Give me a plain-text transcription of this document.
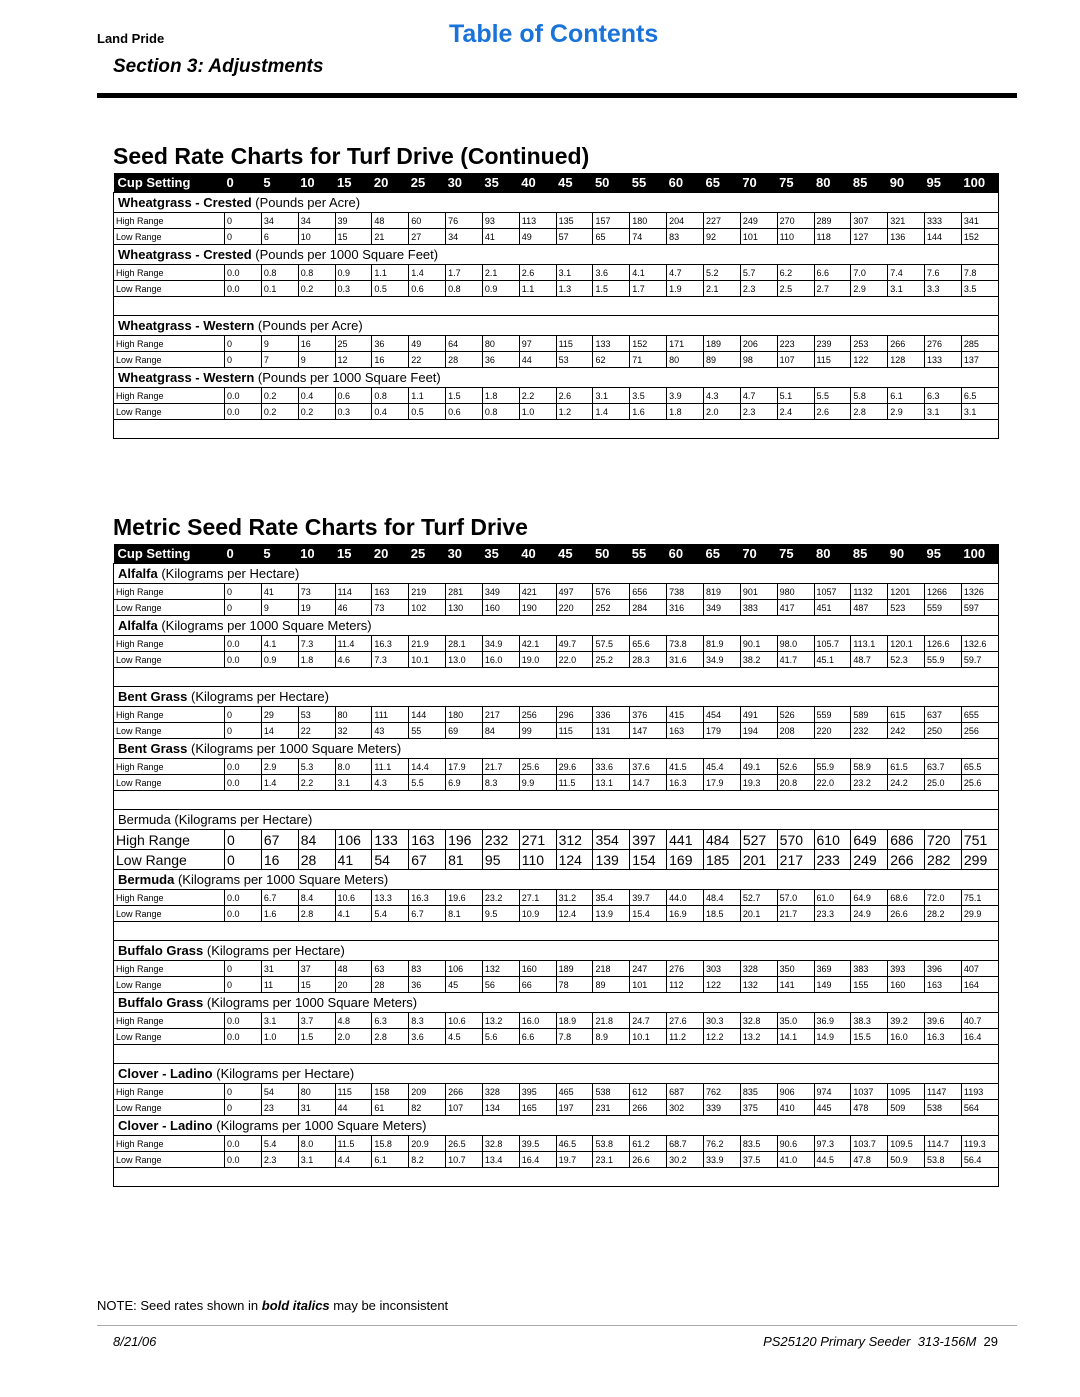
Land Pride	Table of Contents
Section 3: Adjustments
Seed Rate Charts for Turf Drive (Continued)
Cup Setting	0	5	10	15	20	25	30	35	40	45	50	55	60	65	70	75	80	85	90	95	100
Wheatgrass - Crested (Pounds per Acre)																					
High Range	0	34	34	39	48	60	76	93	113	135	157	180	204	227	249	270	289	307	321	333	341
Low Range	0	6	10	15	21	27	34	41	49	57	65	74	83	92	101	110	118	127	136	144	152
Wheatgrass - Crested (Pounds per 1000 Square Feet)																					
High Range	0.0	0.8	0.8	0.9	1.1	1.4	1.7	2.1	2.6	3.1	3.6	4.1	4.7	5.2	5.7	6.2	6.6	7.0	7.4	7.6	7.8
Low Range	0.0	0.1	0.2	0.3	0.5	0.6	0.8	0.9	1.1	1.3	1.5	1.7	1.9	2.1	2.3	2.5	2.7	2.9	3.1	3.3	3.5

Wheatgrass - Western (Pounds per Acre)																					
High Range	0	9	16	25	36	49	64	80	97	115	133	152	171	189	206	223	239	253	266	276	285
Low Range	0	7	9	12	16	22	28	36	44	53	62	71	80	89	98	107	115	122	128	133	137
Wheatgrass - Western (Pounds per 1000 Square Feet)																					
High Range	0.0	0.2	0.4	0.6	0.8	1.1	1.5	1.8	2.2	2.6	3.1	3.5	3.9	4.3	4.7	5.1	5.5	5.8	6.1	6.3	6.5
Low Range	0.0	0.2	0.2	0.3	0.4	0.5	0.6	0.8	1.0	1.2	1.4	1.6	1.8	2.0	2.3	2.4	2.6	2.8	2.9	3.1	3.1

Metric Seed Rate Charts for Turf Drive
Cup Setting	0	5	10	15	20	25	30	35	40	45	50	55	60	65	70	75	80	85	90	95	100
Alfalfa (Kilograms per Hectare)																					
High Range	0	41	73	114	163	219	281	349	421	497	576	656	738	819	901	980	1057	1132	1201	1266	1326
Low Range	0	9	19	46	73	102	130	160	190	220	252	284	316	349	383	417	451	487	523	559	597
Alfalfa (Kilograms per 1000 Square Meters)																					
High Range	0.0	4.1	7.3	11.4	16.3	21.9	28.1	34.9	42.1	49.7	57.5	65.6	73.8	81.9	90.1	98.0	105.7	113.1	120.1	126.6	132.6
Low Range	0.0	0.9	1.8	4.6	7.3	10.1	13.0	16.0	19.0	22.0	25.2	28.3	31.6	34.9	38.2	41.7	45.1	48.7	52.3	55.9	59.7

Bent Grass (Kilograms per Hectare)																					
High Range	0	29	53	80	111	144	180	217	256	296	336	376	415	454	491	526	559	589	615	637	655
Low Range	0	14	22	32	43	55	69	84	99	115	131	147	163	179	194	208	220	232	242	250	256
Bent Grass (Kilograms per 1000 Square Meters)																					
High Range	0.0	2.9	5.3	8.0	11.1	14.4	17.9	21.7	25.6	29.6	33.6	37.6	41.5	45.4	49.1	52.6	55.9	58.9	61.5	63.7	65.5
Low Range	0.0	1.4	2.2	3.1	4.3	5.5	6.9	8.3	9.9	11.5	13.1	14.7	16.3	17.9	19.3	20.8	22.0	23.2	24.2	25.0	25.6

Bermuda (Kilograms per Hectare)																					
High Range	0	67	84	106	133	163	196	232	271	312	354	397	441	484	527	570	610	649	686	720	751
Low Range	0	16	28	41	54	67	81	95	110	124	139	154	169	185	201	217	233	249	266	282	299
Bermuda (Kilograms per 1000 Square Meters)																					
High Range	0.0	6.7	8.4	10.6	13.3	16.3	19.6	23.2	27.1	31.2	35.4	39.7	44.0	48.4	52.7	57.0	61.0	64.9	68.6	72.0	75.1
Low Range	0.0	1.6	2.8	4.1	5.4	6.7	8.1	9.5	10.9	12.4	13.9	15.4	16.9	18.5	20.1	21.7	23.3	24.9	26.6	28.2	29.9

Buffalo Grass (Kilograms per Hectare)																					
High Range	0	31	37	48	63	83	106	132	160	189	218	247	276	303	328	350	369	383	393	396	407
Low Range	0	11	15	20	28	36	45	56	66	78	89	101	112	122	132	141	149	155	160	163	164
Buffalo Grass (Kilograms per 1000 Square Meters)																					
High Range	0.0	3.1	3.7	4.8	6.3	8.3	10.6	13.2	16.0	18.9	21.8	24.7	27.6	30.3	32.8	35.0	36.9	38.3	39.2	39.6	40.7
Low Range	0.0	1.0	1.5	2.0	2.8	3.6	4.5	5.6	6.6	7.8	8.9	10.1	11.2	12.2	13.2	14.1	14.9	15.5	16.0	16.3	16.4

Clover - Ladino (Kilograms per Hectare)																					
High Range	0	54	80	115	158	209	266	328	395	465	538	612	687	762	835	906	974	1037	1095	1147	1193
Low Range	0	23	31	44	61	82	107	134	165	197	231	266	302	339	375	410	445	478	509	538	564
Clover - Ladino (Kilograms per 1000 Square Meters)																					
High Range	0.0	5.4	8.0	11.5	15.8	20.9	26.5	32.8	39.5	46.5	53.8	61.2	68.7	76.2	83.5	90.6	97.3	103.7	109.5	114.7	119.3
Low Range	0.0	2.3	3.1	4.4	6.1	8.2	10.7	13.4	16.4	19.7	23.1	26.6	30.2	33.9	37.5	41.0	44.5	47.8	50.9	53.8	56.4

NOTE: Seed rates shown in bold italics may be inconsistent
8/21/06	PS25120 Primary Seeder 313-156M 29
